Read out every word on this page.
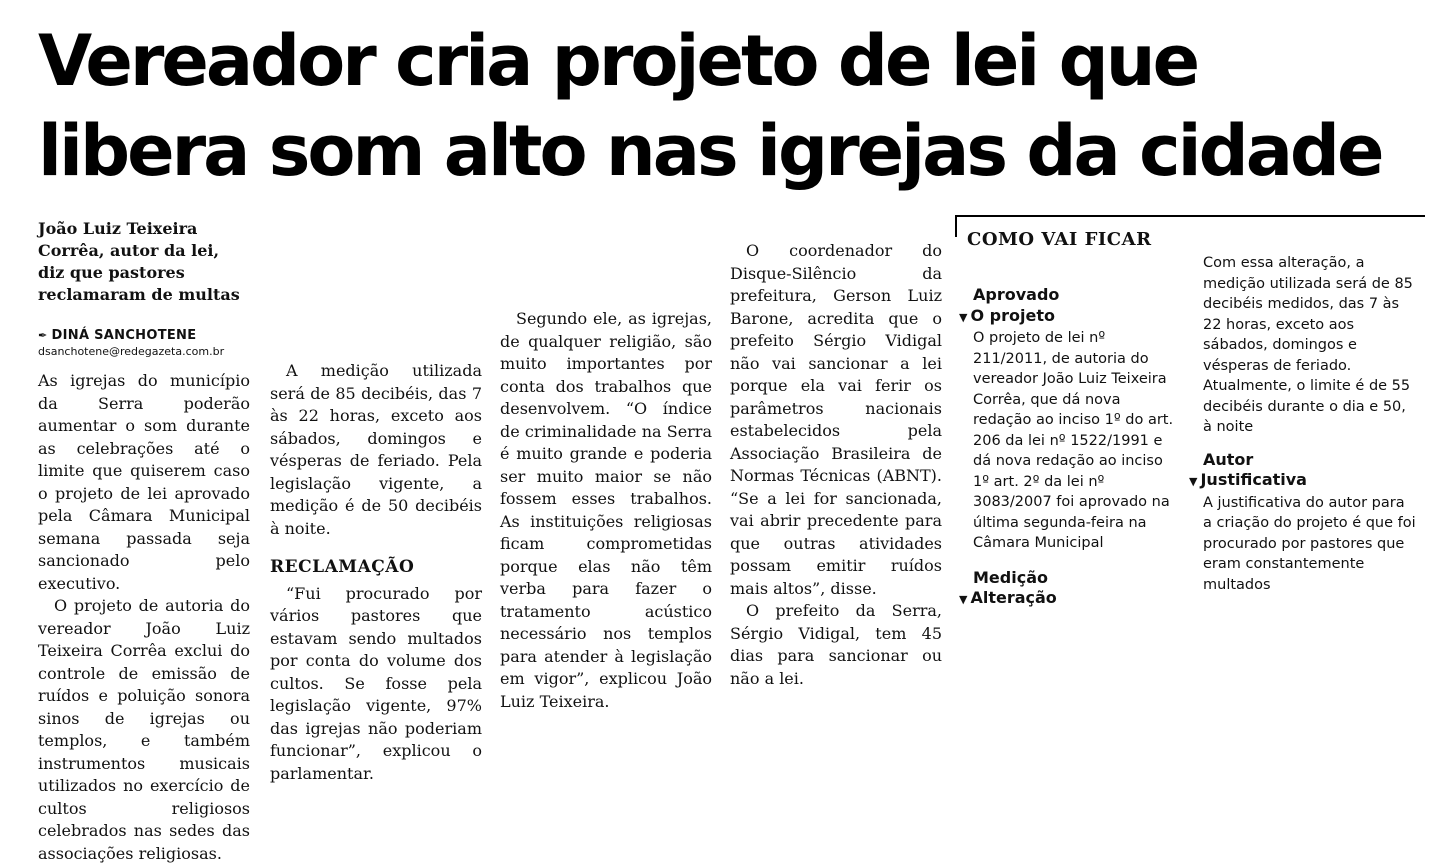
Vereador cria projeto de lei que libera som alto nas igrejas da cidade

João Luiz Teixeira Corrêa, autor da lei, diz que pastores reclamaram de multas

✒ DINÁ SANCHOTENE
dsanchotene@redegazeta.com.br

As igrejas do município da Serra poderão aumentar o som durante as celebrações até o limite que quiserem caso o projeto de lei aprovado pela Câmara Municipal semana passada seja sancionado pelo executivo.

O projeto de autoria do vereador João Luiz Teixeira Corrêa exclui do controle de emissão de ruídos e poluição sonora sinos de igrejas ou templos, e também instrumentos musicais utilizados no exercício de cultos religiosos celebrados nas sedes das associações religiosas.

A medição utilizada será de 85 decibéis, das 7 às 22 horas, exceto aos sábados, domingos e vésperas de feriado. Pela legislação vigente, a medição é de 50 decibéis à noite.

RECLAMAÇÃO

“Fui procurado por vários pastores que estavam sendo multados por conta do volume dos cultos. Se fosse pela legislação vigente, 97% das igrejas não poderiam funcionar”, explicou o parlamentar.

Segundo ele, as igrejas, de qualquer religião, são muito importantes por conta dos trabalhos que desenvolvem. “O índice de criminalidade na Serra é muito grande e poderia ser muito maior se não fossem esses trabalhos. As instituições religiosas ficam comprometidas porque elas não têm verba para fazer o tratamento acústico necessário nos templos para atender à legislação em vigor”, explicou João Luiz Teixeira.

O coordenador do Disque-Silêncio da prefeitura, Gerson Luiz Barone, acredita que o prefeito Sérgio Vidigal não vai sancionar a lei porque ela vai ferir os parâmetros nacionais estabelecidos pela Associação Brasileira de Normas Técnicas (ABNT). “Se a lei for sancionada, vai abrir precedente para que outras atividades possam emitir ruídos mais altos”, disse.

O prefeito da Serra, Sérgio Vidigal, tem 45 dias para sancionar ou não a lei.

COMO VAI FICAR
Aprovado
▼ O projeto
O projeto de lei nº 211/2011, de autoria do vereador João Luiz Teixeira Corrêa, que dá nova redação ao inciso 1º do art. 206 da lei nº 1522/1991 e dá nova redação ao inciso 1º art. 2º da lei nº 3083/2007 foi aprovado na última segunda-feira na Câmara Municipal
Medição
▼ Alteração
Com essa alteração, a medição utilizada será de 85 decibéis medidos, das 7 às 22 horas, exceto aos sábados, domingos e vésperas de feriado. Atualmente, o limite é de 55 decibéis durante o dia e 50, à noite
Autor
▼ Justificativa
A justificativa do autor para a criação do projeto é que foi procurado por pastores que eram constantemente multados
